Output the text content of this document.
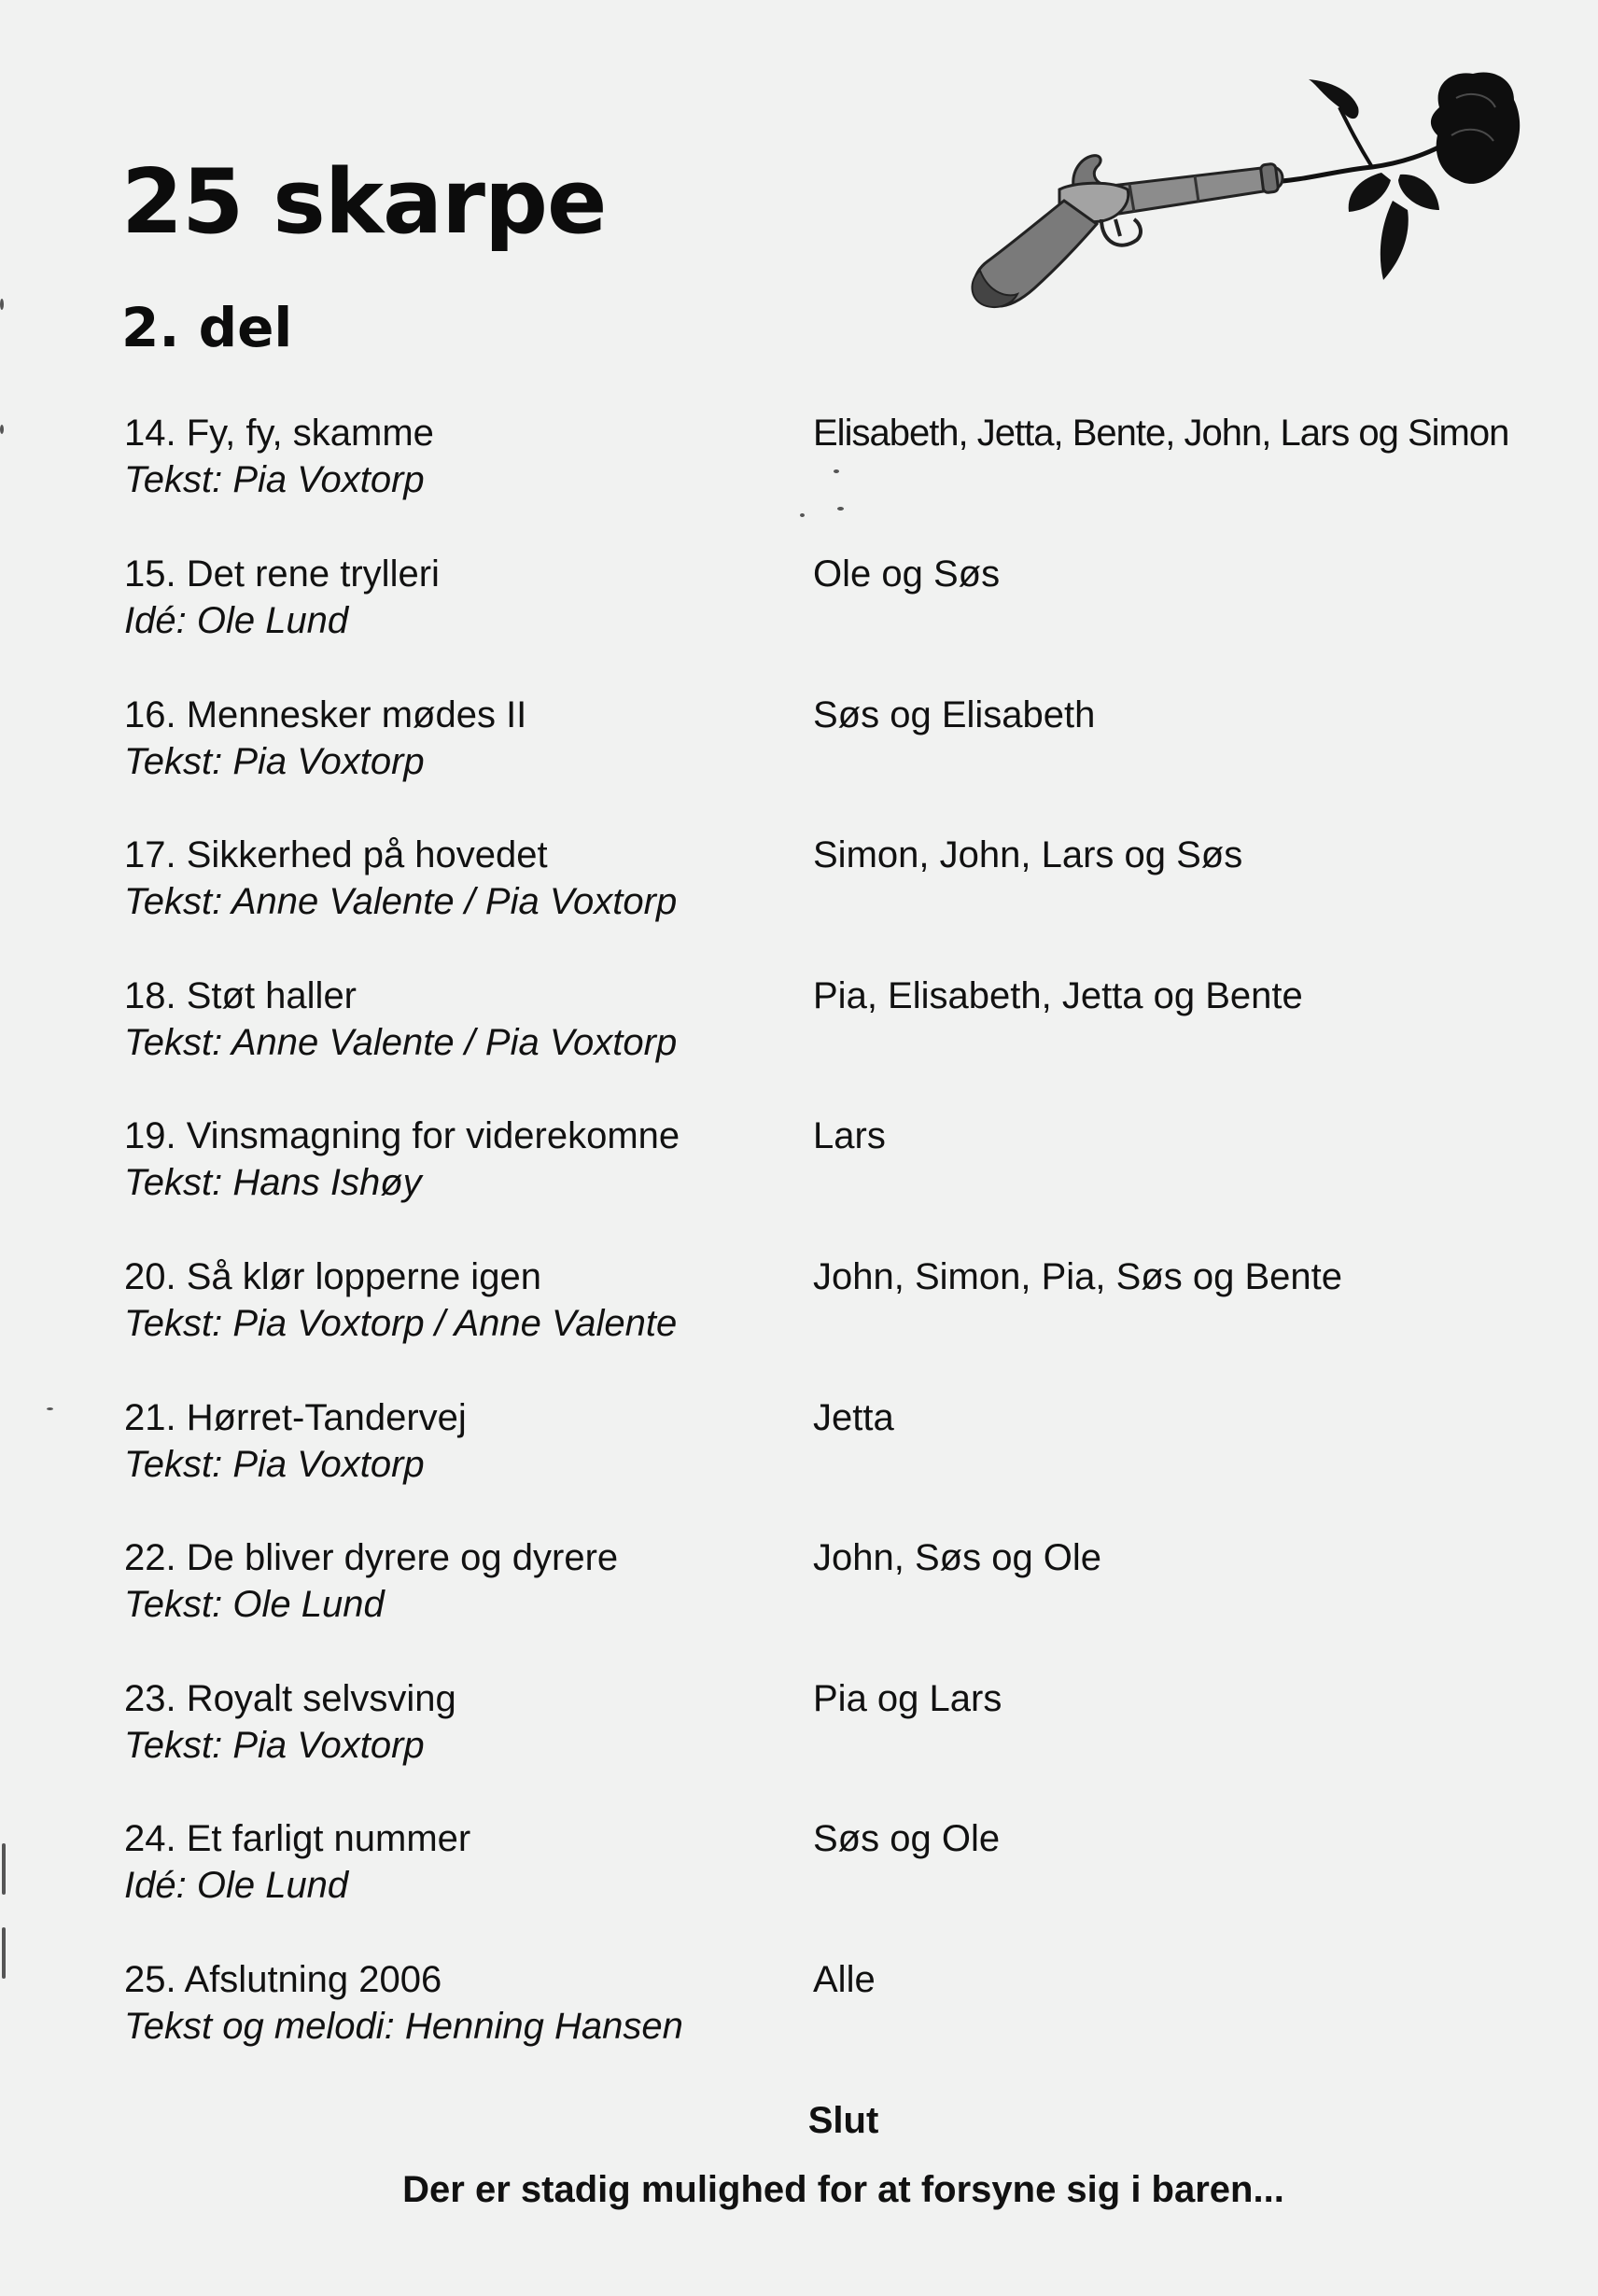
25 skarpe
2. del
14. Fy, fy, skamme
Tekst: Pia Voxtorp
Elisabeth, Jetta, Bente, John, Lars og Simon
15. Det rene trylleri
Idé: Ole Lund
Ole og Søs
16. Mennesker mødes II
Tekst: Pia Voxtorp
Søs og Elisabeth
17. Sikkerhed på hovedet
Tekst: Anne Valente / Pia Voxtorp
Simon, John, Lars og Søs
18. Støt haller
Tekst: Anne Valente / Pia Voxtorp
Pia, Elisabeth, Jetta og Bente
19. Vinsmagning for viderekomne
Tekst: Hans Ishøy
Lars
20. Så klør lopperne igen
Tekst: Pia Voxtorp / Anne Valente
John, Simon, Pia, Søs og Bente
21. Hørret-Tandervej
Tekst: Pia Voxtorp
Jetta
22. De bliver dyrere og dyrere
Tekst: Ole Lund
John, Søs og Ole
23. Royalt selvsving
Tekst: Pia Voxtorp
Pia og Lars
24. Et farligt nummer
Idé: Ole Lund
Søs og Ole
25. Afslutning 2006
Tekst og melodi: Henning Hansen
Alle
Slut
Der er stadig mulighed for at forsyne sig i baren...
